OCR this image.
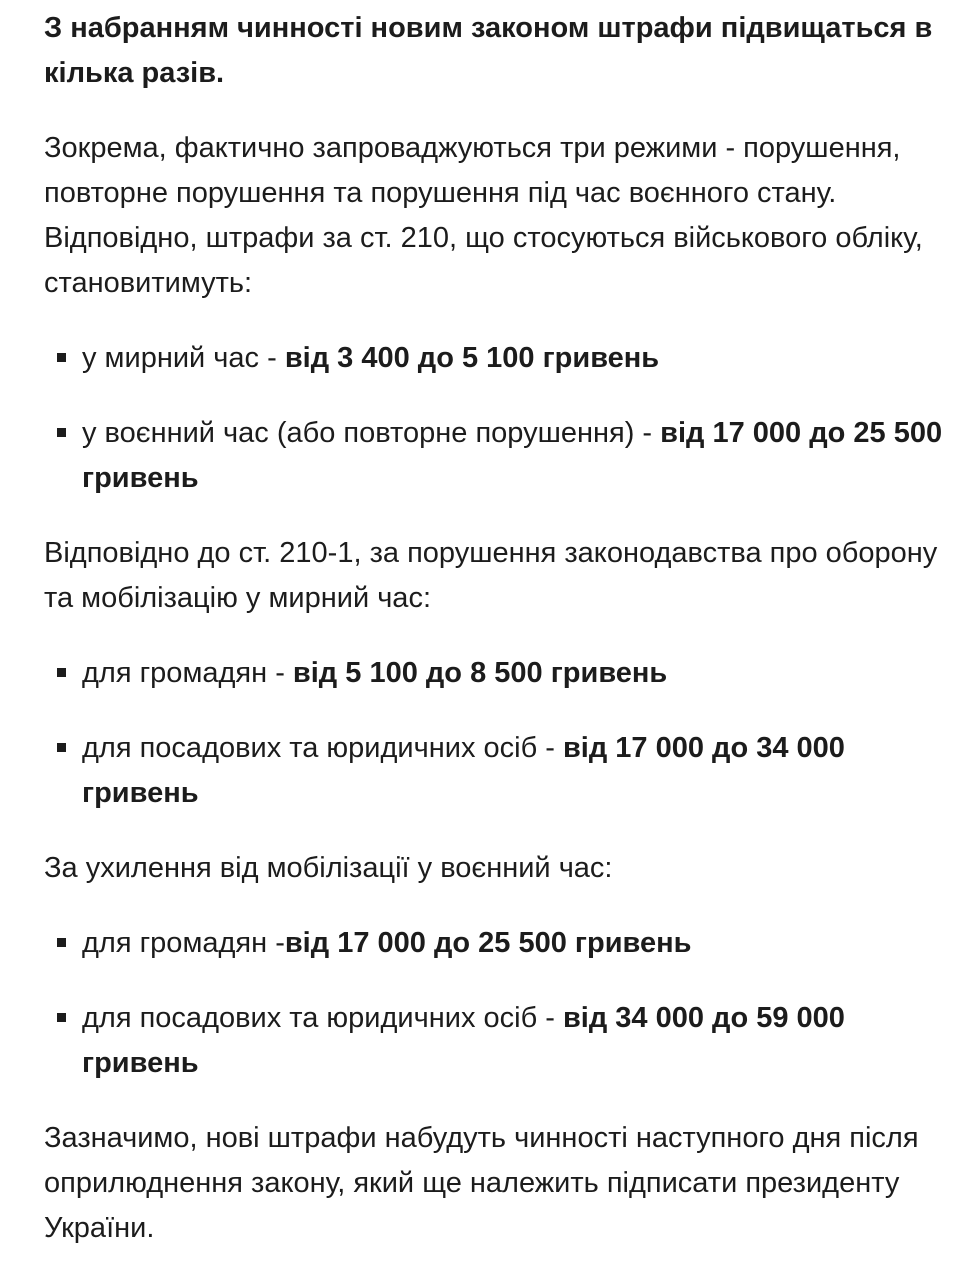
З набранням чинності новим законом штрафи підвищаться в кілька разів.

Зокрема, фактично запроваджуються три режими - порушення, повторне порушення та порушення під час воєнного стану. Відповідно, штрафи за ст. 210, що стосуються військового обліку, становитимуть:

у мирний час - від 3 400 до 5 100 гривень
у воєнний час (або повторне порушення) - від 17 000 до 25 500 гривень

Відповідно до ст. 210-1, за порушення законодавства про оборону та мобілізацію у мирний час:

для громадян - від 5 100 до 8 500 гривень
для посадових та юридичних осіб - від 17 000 до 34 000 гривень

За ухилення від мобілізації у воєнний час:

для громадян -від 17 000 до 25 500 гривень
для посадових та юридичних осіб - від 34 000 до 59 000 гривень

Зазначимо, нові штрафи набудуть чинності наступного дня після оприлюднення закону, який ще належить підписати президенту України.
